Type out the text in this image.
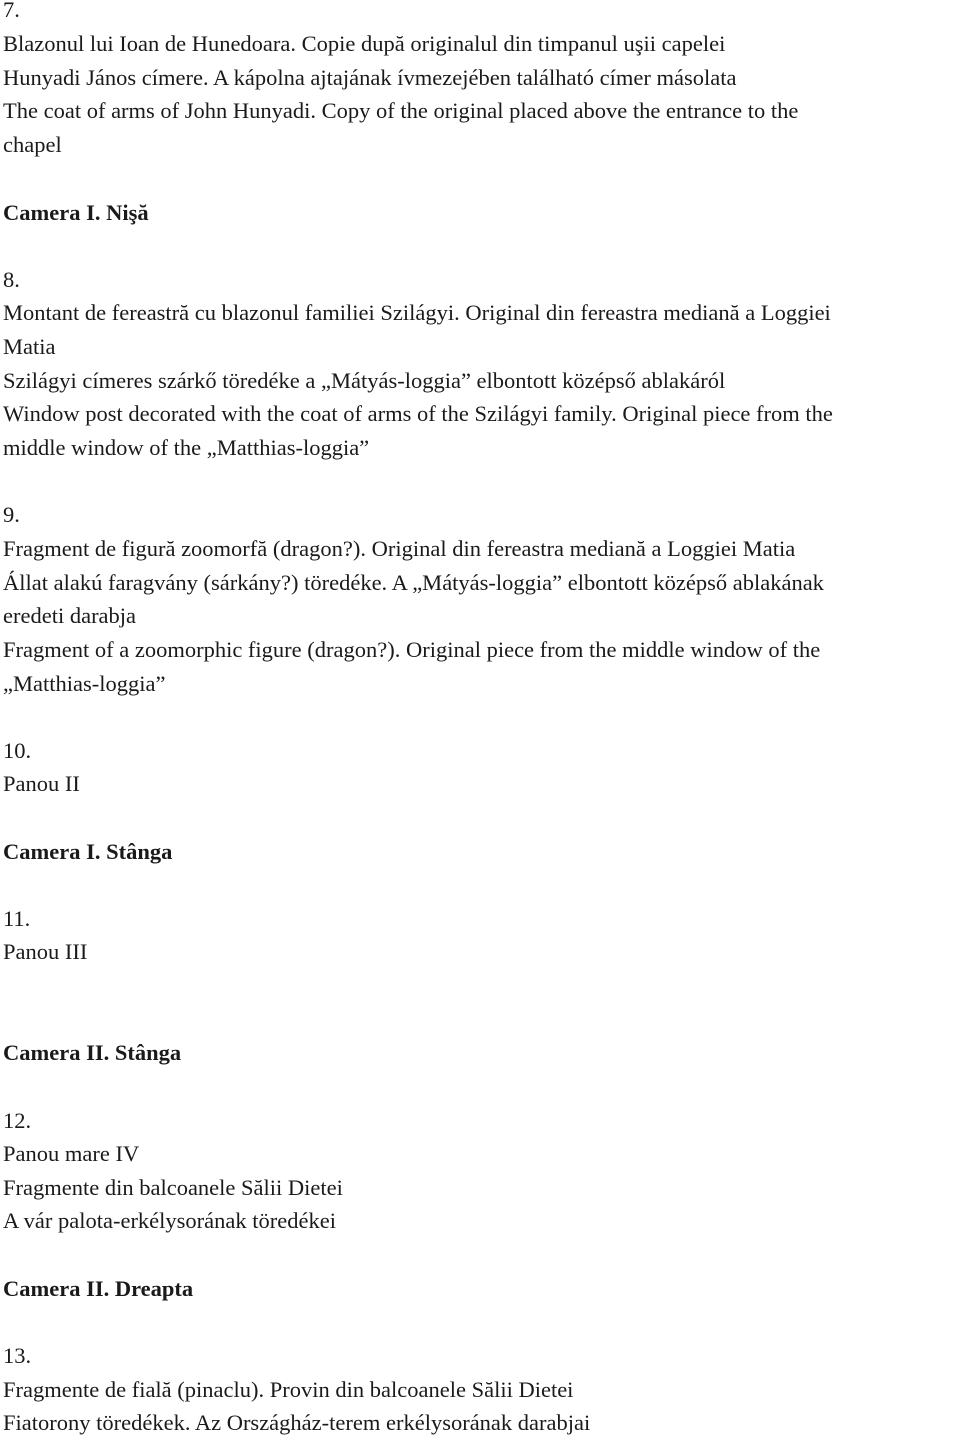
7.
Blazonul lui Ioan de Hunedoara. Copie după originalul din timpanul uşii capelei
Hunyadi János címere. A kápolna ajtajának ívmezejében található címer másolata
The coat of arms of John Hunyadi. Copy of the original placed above the entrance to the
chapel
Camera I. Nişă
8.
Montant de fereastră cu blazonul familiei Szilágyi. Original din fereastra mediană a Loggiei
Matia
Szilágyi címeres szárkő töredéke a „Mátyás-loggia” elbontott középső ablakáról
Window post decorated with the coat of arms of the Szilágyi family. Original piece from the
middle window of the „Matthias-loggia”
9.
Fragment de figură zoomorfă (dragon?). Original din fereastra mediană a Loggiei Matia
Állat alakú faragvány (sárkány?) töredéke. A „Mátyás-loggia” elbontott középső ablakának
eredeti darabja
Fragment of a zoomorphic figure (dragon?). Original piece from the middle window of the
„Matthias-loggia”
10.
Panou II
Camera I. Stânga
11.
Panou III
Camera II. Stânga
12.
Panou mare IV
Fragmente din balcoanele Sălii Dietei
A vár palota-erkélysorának töredékei
Camera II. Dreapta
13.
Fragmente de fială (pinaclu). Provin din balcoanele Sălii Dietei
Fiatorony töredékek. Az Országház-terem erkélysorának darabjai
